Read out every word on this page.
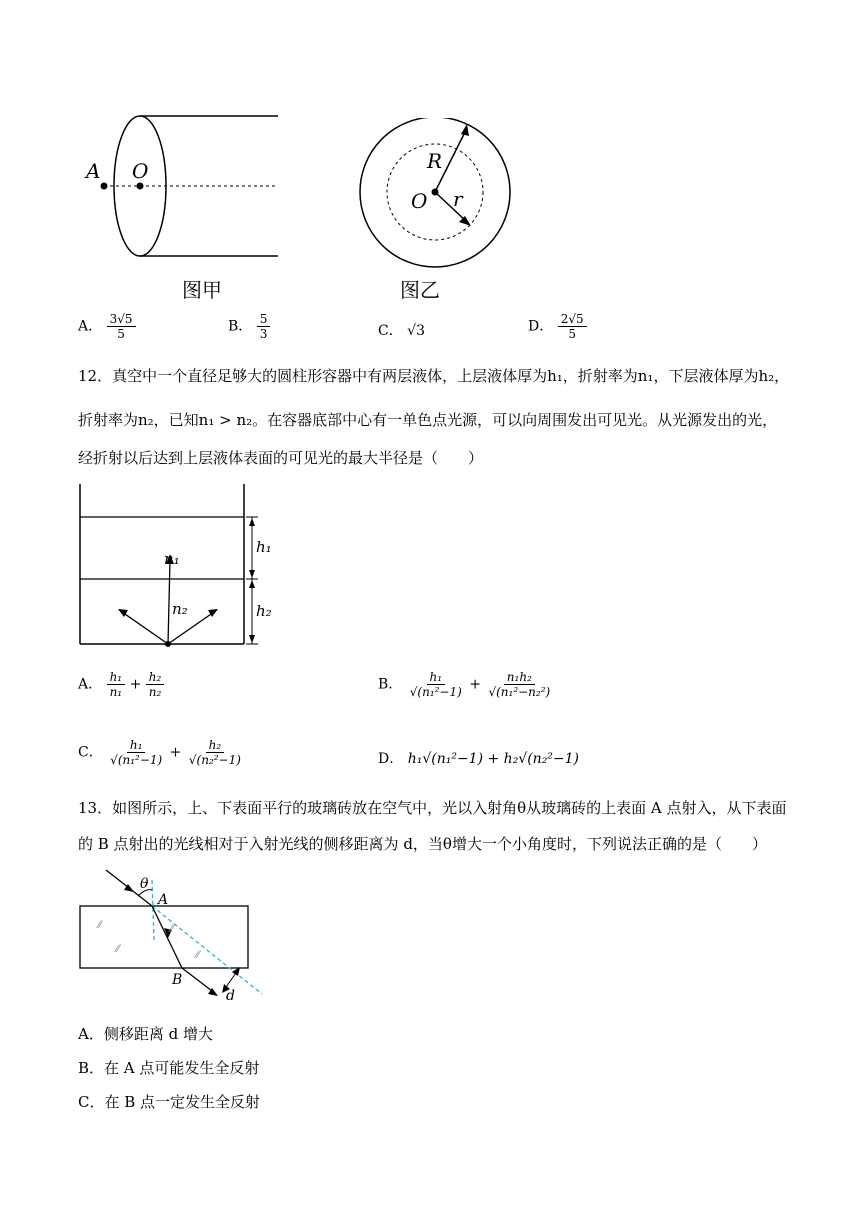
A O
图甲
R
O r
图乙
A． $\frac{3√5}{5}$	B． $\frac{5}{3}$	C． √3	D． $\frac{2√5}{5}$
12．真空中一个直径足够大的圆柱形容器中有两层液体，上层液体厚为h₁，折射率为n₁，下层液体厚为h₂，
折射率为n₂，已知n₁ > n₂。在容器底部中心有一单色点光源，可以向周围发出可见光。从光源发出的光，
经折射以后达到上层液体表面的可见光的最大半径是（　　）
n₁
n₂
h₁
h₂
A． $\frac{\text{h₁}}{\text{n₁}} + \frac{\text{h₂}}{\text{n₂}}$	B． $\frac{\text{h₁}}{\text{√(n₁²−1)}} + \frac{\text{n₁h₂}}{\text{√(n₁²−n₂²)}}$
C． $\frac{\text{h₁}}{\text{√(n₁²−1)}} + \frac{\text{h₂}}{\text{√(n₂²−1)}}$	D． h₁√(n₁²−1) + h₂√(n₂²−1)
13．如图所示，上、下表面平行的玻璃砖放在空气中，光以入射角θ从玻璃砖的上表面 A 点射入，从下表面
的 B 点射出的光线相对于入射光线的侧移距离为 d，当θ增大一个小角度时，下列说法正确的是（　　）
θ
A
B
d
⁄⁄
⁄⁄
⁄⁄
⁄⁄
A．侧移距离 d 增大
B．在 A 点可能发生全反射
C．在 B 点一定发生全反射
